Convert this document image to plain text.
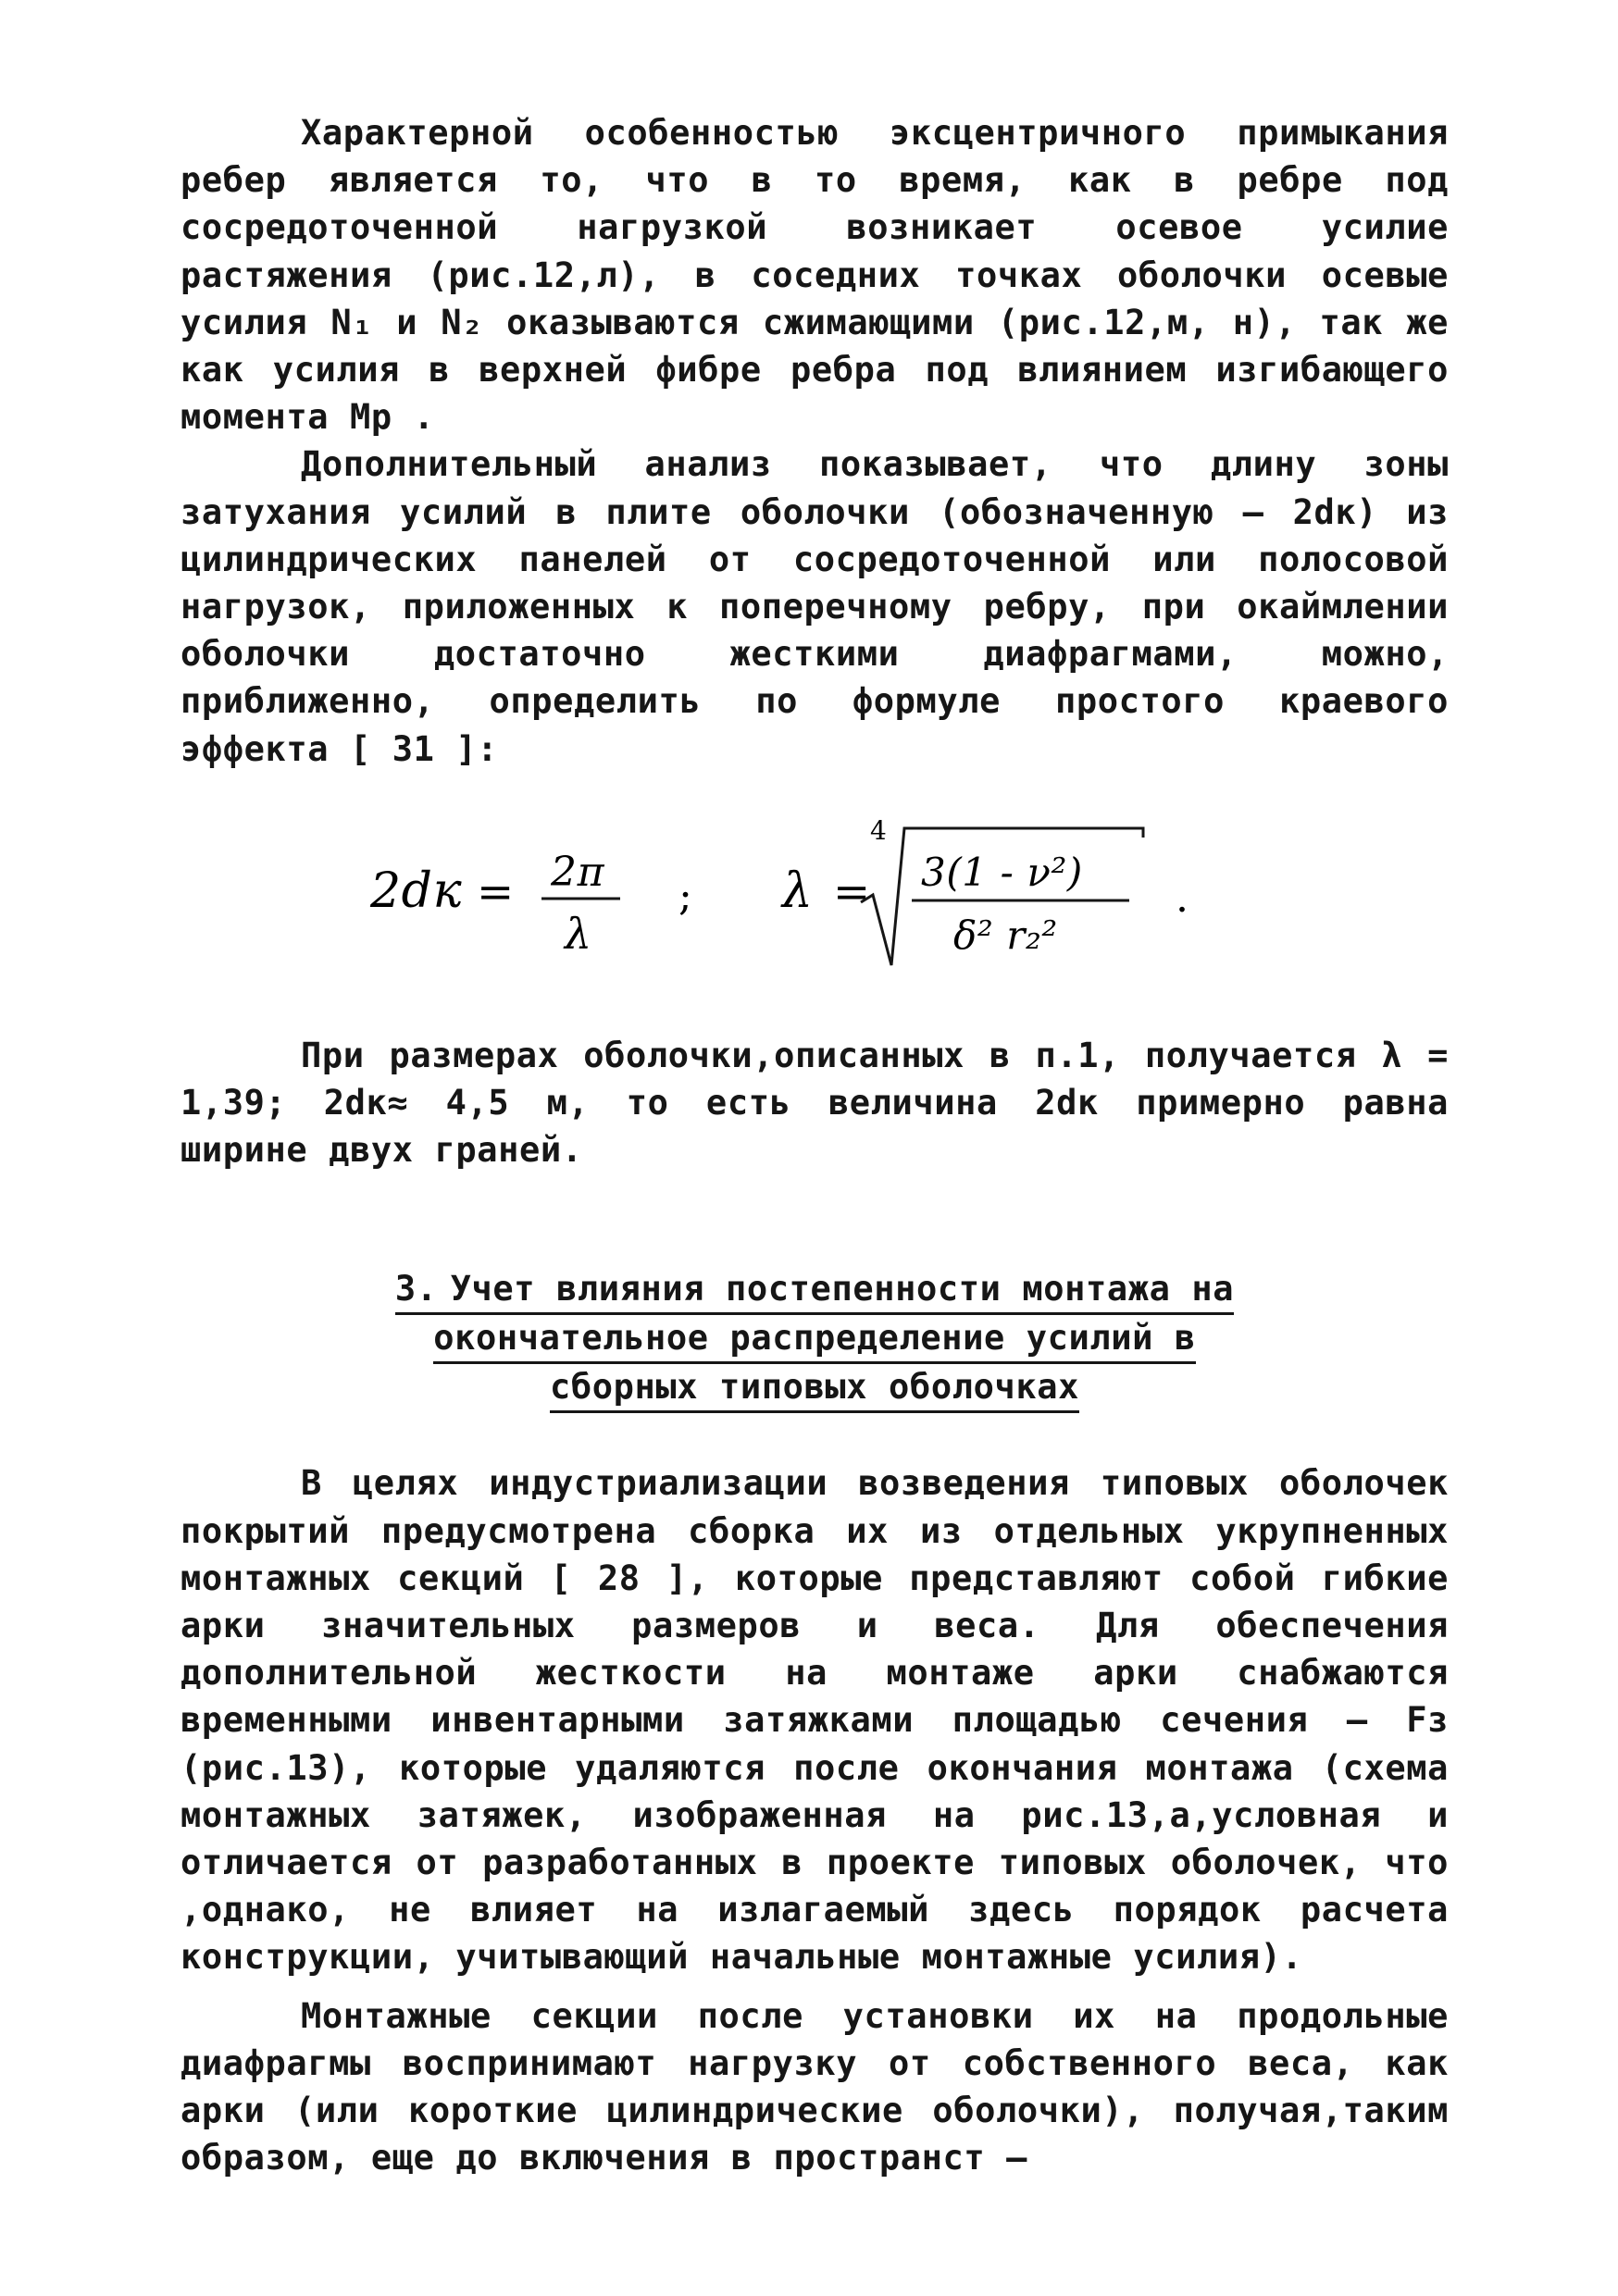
Характерной особенностью эксцентричного примыкания ребер является то, что в то время, как в ребре под сосредоточенной нагрузкой возникает осевое усилие растяжения (рис.12,л), в соседних точках оболочки осевые усилия N₁ и N₂ оказываются сжимающими (рис.12,м, н), так же как усилия в верхней фибре ребра под влиянием изгибающего момента Mр .

Дополнительный анализ показывает, что длину зоны затухания усилий в плите оболочки (обозначенную – 2dк) из цилиндрических панелей от сосредоточенной или полосовой нагрузок, приложенных к поперечному ребру, при окаймлении оболочки достаточно жесткими диафрагмами, можно, приближенно, определить по формуле простого краевого эффекта [ 31 ]:

2dк = 2π
λ
; λ =
4
3(1 - ν²)
δ² r₂²
.

При размерах оболочки,описанных в п.1, получается λ = 1,39; 2dк≈ 4,5 м, то есть величина 2dк примерно равна ширине двух граней.

3. Учет влияния постепенности монтажа на
окончательное распределение усилий в
сборных типовых оболочках

В целях индустриализации возведения типовых оболочек покрытий предусмотрена сборка их из отдельных укрупненных монтажных секций [ 28 ], которые представляют собой гибкие арки значительных размеров и веса. Для обеспечения дополнительной жесткости на монтаже арки снабжаются временными инвентарными затяжками площадью сечения – Fз (рис.13), которые удаляются после окончания монтажа (схема монтажных затяжек, изображенная на рис.13,а,условная и отличается от разработанных в проекте типовых оболочек, что ,однако, не влияет на излагаемый здесь порядок расчета конструкции, учитывающий начальные монтажные усилия).

Монтажные секции после установки их на продольные диафрагмы воспринимают нагрузку от собственного веса, как арки (или короткие цилиндрические оболочки), получая,таким образом, еще до включения в пространст –
